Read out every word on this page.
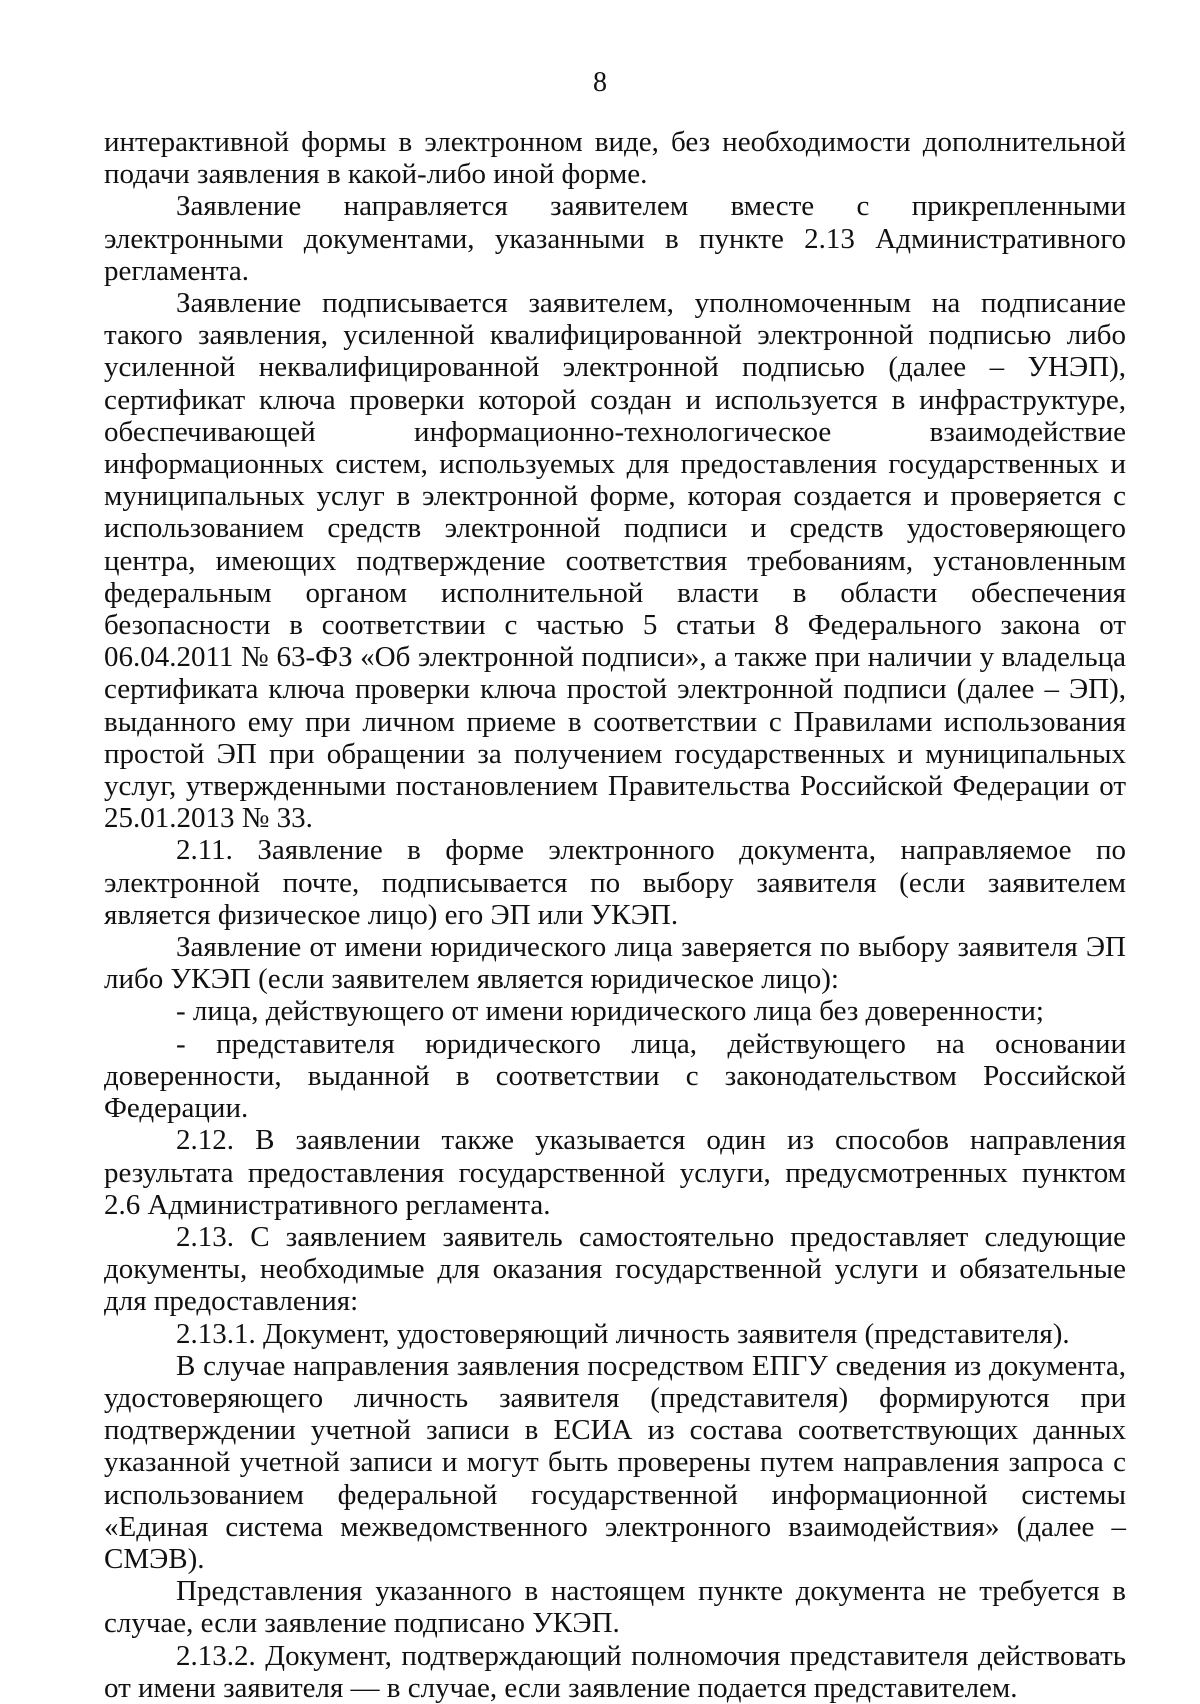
8

интерактивной формы в электронном виде, без необходимости дополнительной подачи заявления в какой-либо иной форме.

Заявление направляется заявителем вместе с прикрепленными электронными документами, указанными в пункте 2.13 Административного регламента.

Заявление подписывается заявителем, уполномоченным на подписание такого заявления, усиленной квалифицированной электронной подписью либо усиленной неквалифицированной электронной подписью (далее – УНЭП), сертификат ключа проверки которой создан и используется в инфраструктуре, обеспечивающей информационно-технологическое взаимодействие информационных систем, используемых для предоставления государственных и муниципальных услуг в электронной форме, которая создается и проверяется с использованием средств электронной подписи и средств удостоверяющего центра, имеющих подтверждение соответствия требованиям, установленным федеральным органом исполнительной власти в области обеспечения безопасности в соответствии с частью 5 статьи 8 Федерального закона от 06.04.2011 № 63-ФЗ «Об электронной подписи», а также при наличии у владельца сертификата ключа проверки ключа простой электронной подписи (далее – ЭП), выданного ему при личном приеме в соответствии с Правилами использования простой ЭП при обращении за получением государственных и муниципальных услуг, утвержденными постановлением Правительства Российской Федерации от 25.01.2013 № 33.

2.11. Заявление в форме электронного документа, направляемое по электронной почте, подписывается по выбору заявителя (если заявителем является физическое лицо) его ЭП или УКЭП.

Заявление от имени юридического лица заверяется по выбору заявителя ЭП либо УКЭП (если заявителем является юридическое лицо):

- лица, действующего от имени юридического лица без доверенности;

- представителя юридического лица, действующего на основании доверенности, выданной в соответствии с законодательством Российской Федерации.

2.12. В заявлении также указывается один из способов направления результата предоставления государственной услуги, предусмотренных пунктом 2.6 Административного регламента.

2.13. С заявлением заявитель самостоятельно предоставляет следующие документы, необходимые для оказания государственной услуги и обязательные для предоставления:

2.13.1. Документ, удостоверяющий личность заявителя (представителя).

В случае направления заявления посредством ЕПГУ сведения из документа, удостоверяющего личность заявителя (представителя) формируются при подтверждении учетной записи в ЕСИА из состава соответствующих данных указанной учетной записи и могут быть проверены путем направления запроса с использованием федеральной государственной информационной системы «Единая система межведомственного электронного взаимодействия» (далее – СМЭВ).

Представления указанного в настоящем пункте документа не требуется в случае, если заявление подписано УКЭП.

2.13.2. Документ, подтверждающий полномочия представителя действовать от имени заявителя — в случае, если заявление подается представителем.
